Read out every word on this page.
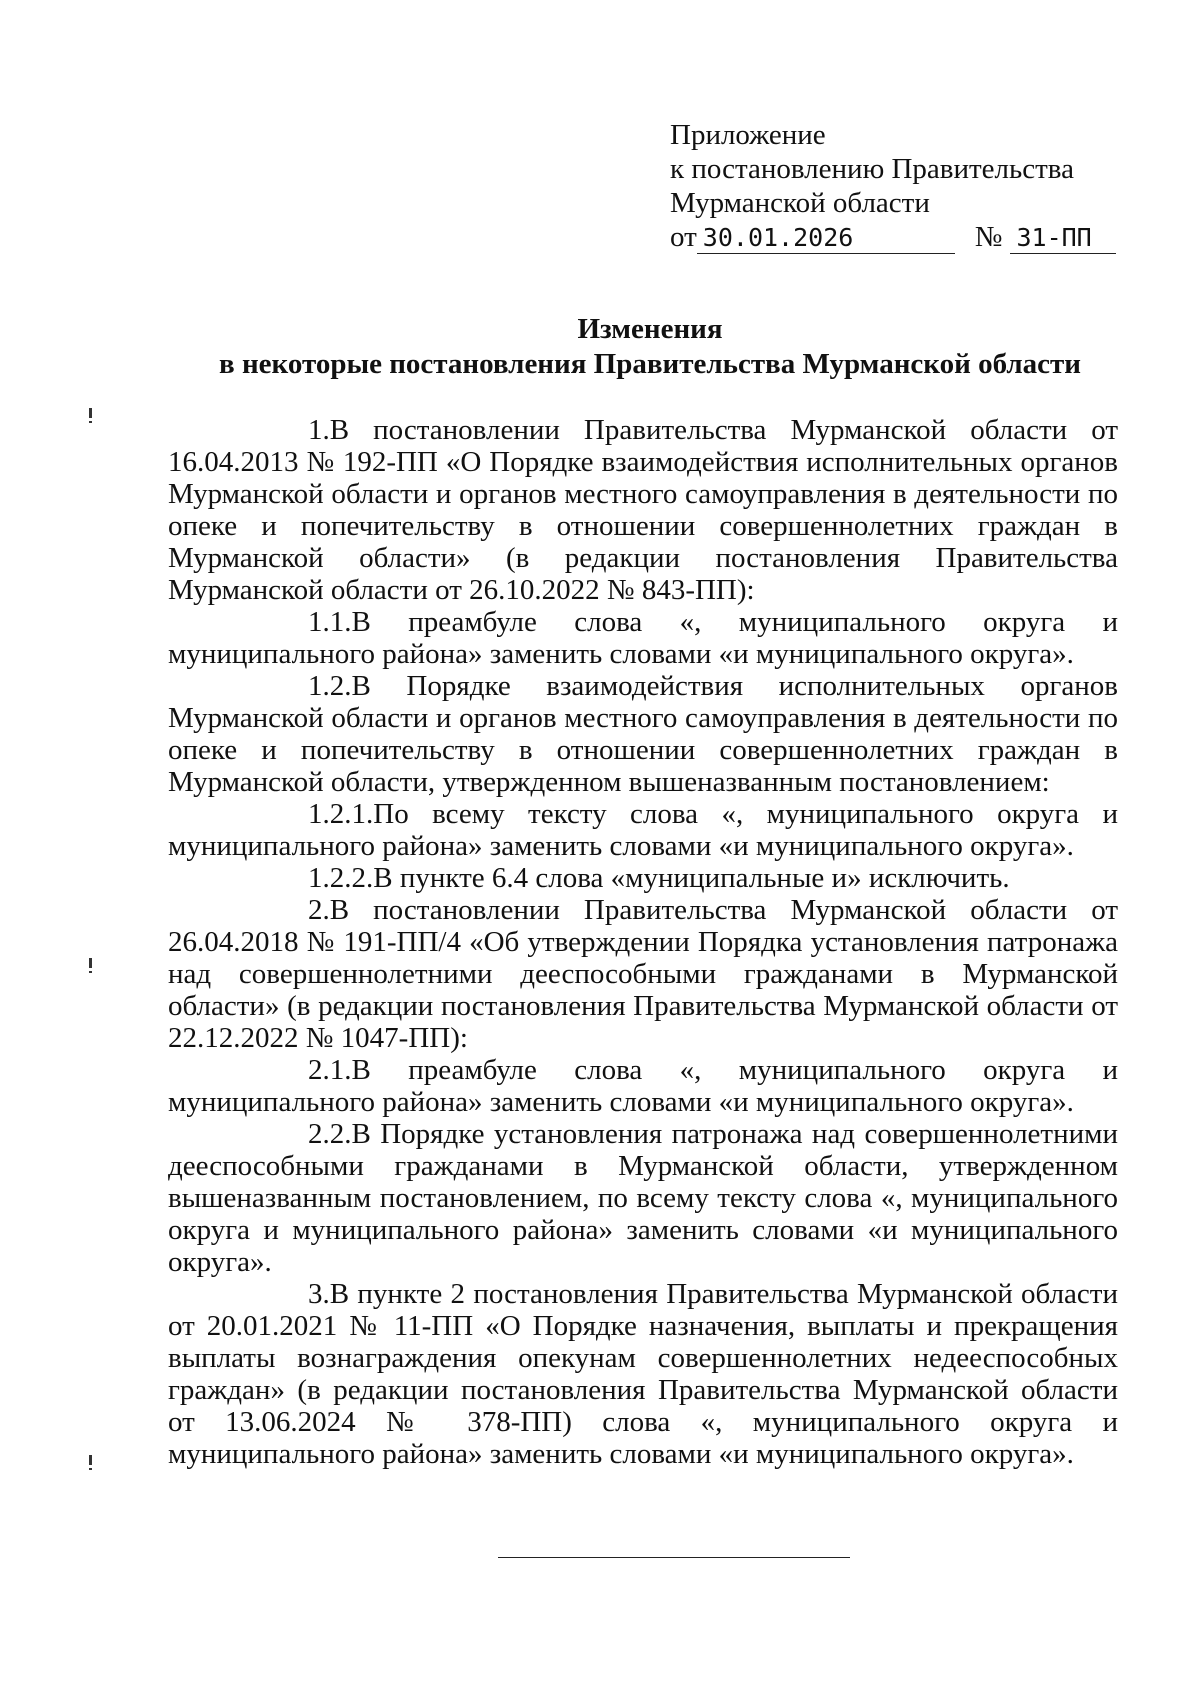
Приложение
к постановлению Правительства
Мурманской области
от 30.01.2026	№ 31-ПП
Изменения
в некоторые постановления Правительства Мурманской области

1.В постановлении Правительства Мурманской области от 16.04.2013 № 192-ПП «О Порядке взаимодействия исполнительных органов Мурманской области и органов местного самоуправления в деятельности по опеке и попечительству в отношении совершеннолетних граждан в Мурманской области» (в редакции постановления Правительства Мурманской области от 26.10.2022 № 843-ПП):

1.1.В преамбуле слова «, муниципального округа и муниципального района» заменить словами «и муниципального округа».

1.2.В Порядке взаимодействия исполнительных органов Мурманской области и органов местного самоуправления в деятельности по опеке и попечительству в отношении совершеннолетних граждан в Мурманской области, утвержденном вышеназванным постановлением:

1.2.1.По всему тексту слова «, муниципального округа и муниципального района» заменить словами «и муниципального округа».

1.2.2.В пункте 6.4 слова «муниципальные и» исключить.

2.В постановлении Правительства Мурманской области от 26.04.2018 № 191-ПП/4 «Об утверждении Порядка установления патронажа над совершеннолетними дееспособными гражданами в Мурманской области» (в редакции постановления Правительства Мурманской области от 22.12.2022 № 1047-ПП):

2.1.В преамбуле слова «, муниципального округа и муниципального района» заменить словами «и муниципального округа».

2.2.В Порядке установления патронажа над совершеннолетними дееспособными гражданами в Мурманской области, утвержденном вышеназванным постановлением, по всему тексту слова «, муниципального округа и муниципального района» заменить словами «и муниципального округа».

3.В пункте 2 постановления Правительства Мурманской области от 20.01.2021 № 11-ПП «О Порядке назначения, выплаты и прекращения выплаты вознаграждения опекунам совершеннолетних недееспособных граждан» (в редакции постановления Правительства Мурманской области от 13.06.2024 № 378-ПП) слова «, муниципального округа и муниципального района» заменить словами «и муниципального округа».
